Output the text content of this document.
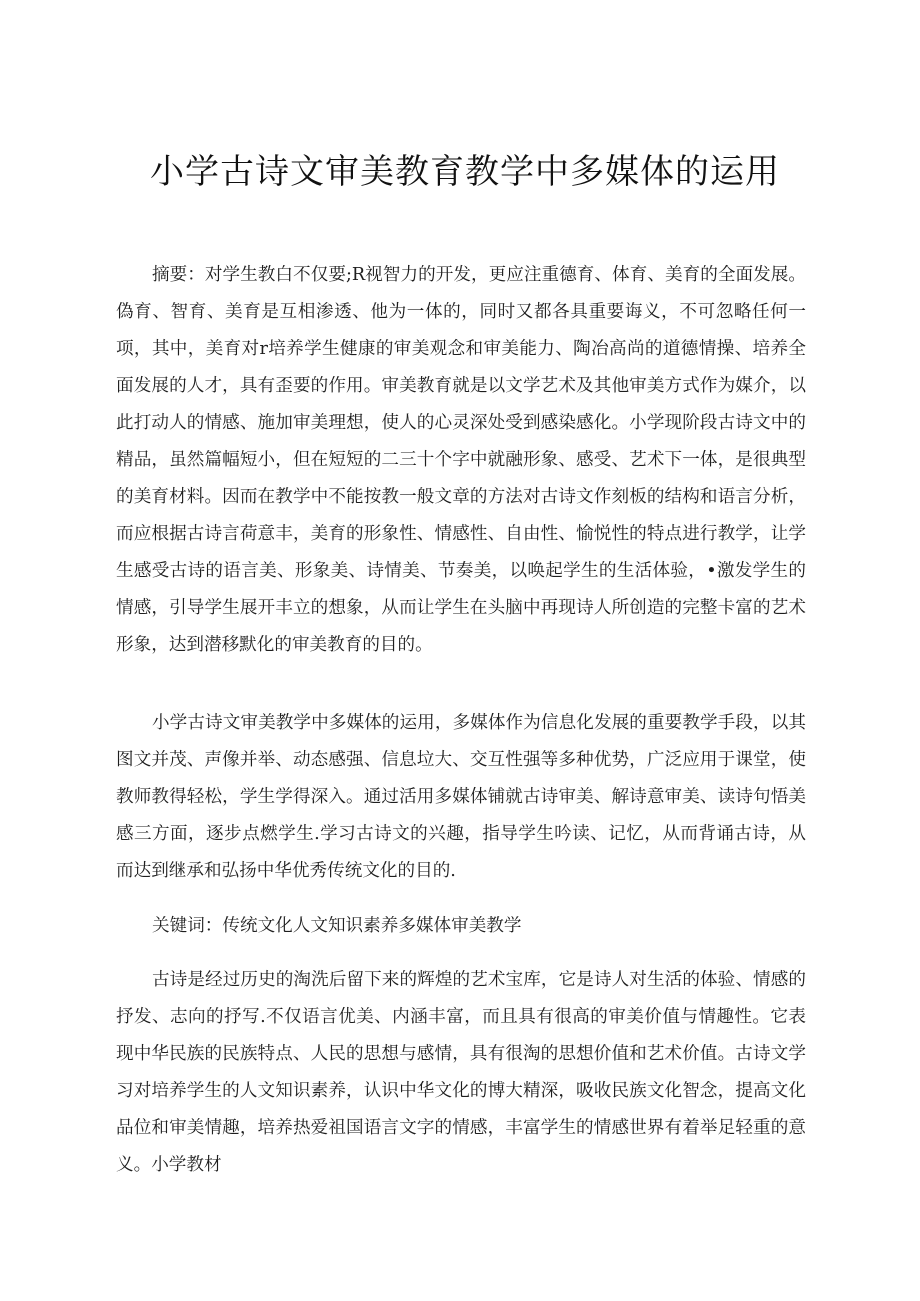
小学古诗文审美教育教学中多媒体的运用

摘要：对学生教白不仅要;R视智力的开发，更应注重德育、体育、美育的全面发展。偽育、智育、美育是互相渗透、他为一体的，同时又都各具重要诲义，不可忽略任何一项，其中，美育对r培养学生健康的审美观念和审美能力、陶冶高尚的道德情操、培养全面发展的人才，具有歪要的作用。审美教育就是以文学艺术及其他审美方式作为媒介，以此打动人的情感、施加审美理想，使人的心灵深处受到感染感化。小学现阶段古诗文中的精品，虽然篇幅短小，但在短短的二三十个字中就融形象、感受、艺术下一体，是很典型的美育材料。因而在教学中不能按教一般文章的方法对古诗文作刻板的结构和语言分析，而应根据古诗言荷意丰，美育的形象性、情感性、自由性、愉悦性的特点进行教学，让学生感受古诗的语言美、形象美、诗情美、节奏美，以唤起学生的生活体验，•激发学生的情感，引导学生展开丰立的想象，从而让学生在头脑中再现诗人所创造的完整卡富的艺术形象，达到潜移默化的审美教育的目的。

小学古诗文审美教学中多媒体的运用，多媒体作为信息化发展的重要教学手段，以其图文并茂、声像并举、动态感强、信息垃大、交互性强等多种优势，广泛应用于课堂，使教师教得轻松，学生学得深入。通过活用多媒体铺就古诗审美、解诗意审美、读诗句悟美感三方面，逐步点燃学生.学习古诗文的兴趣，指导学生吟读、记忆，从而背诵古诗，从而达到继承和弘扬中华优秀传统文化的目的.

关键词：传统文化人文知识素养多媒体审美教学

古诗是经过历史的淘洗后留下来的辉煌的艺术宝库，它是诗人对生活的体验、情感的抒发、志向的抒写.不仅语言优美、内涵丰富，而且具有很高的审美价值与情趣性。它表现中华民族的民族特点、人民的思想与感情，具有很淘的思想价值和艺术价值。古诗文学习对培养学生的人文知识素养，认识中华文化的博大精深，吸收民族文化智念，提高文化品位和审美情趣，培养热爱祖国语言文字的情感，丰富学生的情感世界有着举足轻重的意义。小学教材
